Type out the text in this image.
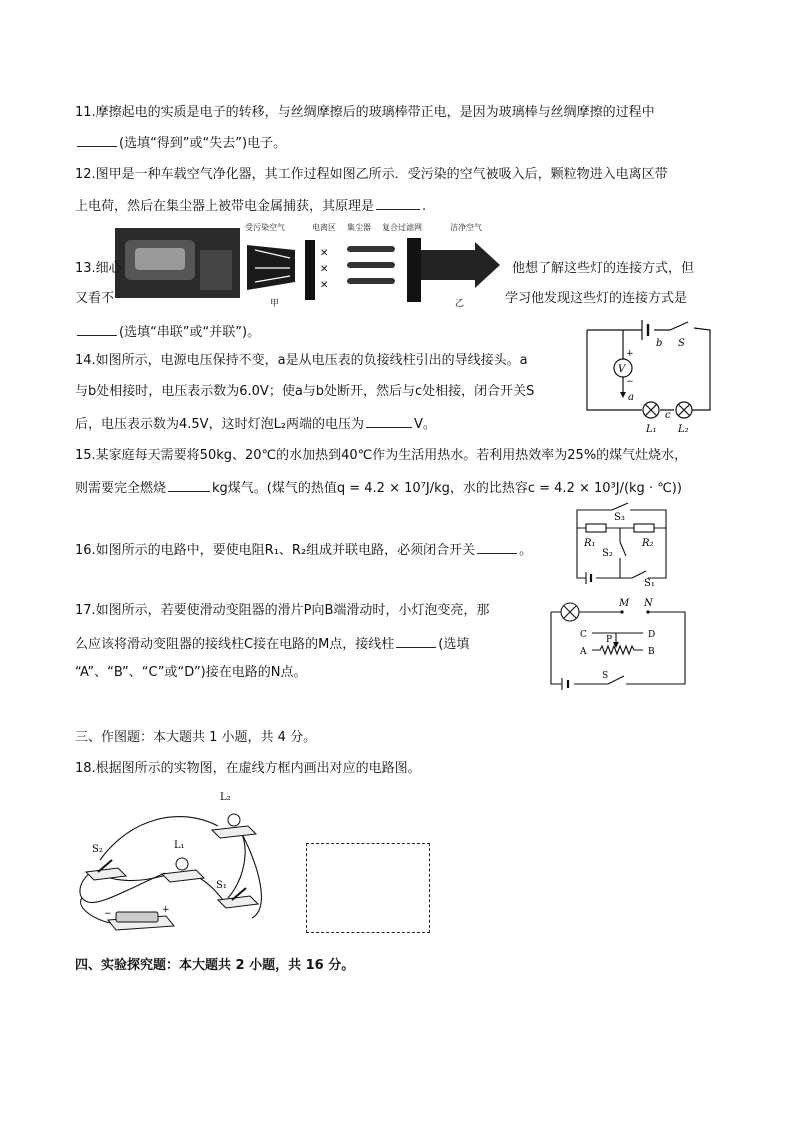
11.摩擦起电的实质是电子的转移，与丝绸摩擦后的玻璃棒带正电，是因为玻璃棒与丝绸摩擦的过程中
(选填“得到”或“失去”)电子。
12.图甲是一种车载空气净化器，其工作过程如图乙所示．受污染的空气被吸入后，颗粒物进入电离区带
上电荷，然后在集尘器上被带电金属捕获，其原理是	.
受污染空气	电离区 集尘器 复合过滤网	洁净空气
✕
✕
✕
甲	乙
13.细心	他想了解这些灯的连接方式，但
又看不	学习他发现这些灯的连接方式是
(选填“串联”或“并联”)。
14.如图所示，电源电压保持不变，a是从电压表的负接线柱引出的导线接头。a
与b处相接时，电压表示数为6.0V；使a与b处断开，然后与c处相接，闭合开关S
后，电压表示数为4.5V，这时灯泡L₂两端的电压为	V。
V
+
−
b S
a
c
L₁ L₂
15.某家庭每天需要将50kg、20℃的水加热到40℃作为生活用热水。若利用热效率为25%的煤气灶烧水，
则需要完全燃烧	kg煤气。(煤气的热值q = 4.2 × 10⁷J/kg，水的比热容c = 4.2 × 10³J/(kg · ℃))
16.如图所示的电路中，要使电阻R₁、R₂组成并联电路，必须闭合开关	。
S₃
R₁	R₂
S₂
S₁
17.如图所示，若要使滑动变阻器的滑片P向B端滑动时，小灯泡变亮，那
么应该将滑动变阻器的接线柱C接在电路的M点，接线柱	(选填
“A”、“B”、“C”或“D”)接在电路的N点。
M N
C	D
P
A	B
S
三、作图题：本大题共 1 小题，共 4 分。
18.根据图所示的实物图，在虚线方框内画出对应的电路图。
L₂
S₂	L₁
S₁
−	+
四、实验探究题：本大题共 2 小题，共 16 分。
